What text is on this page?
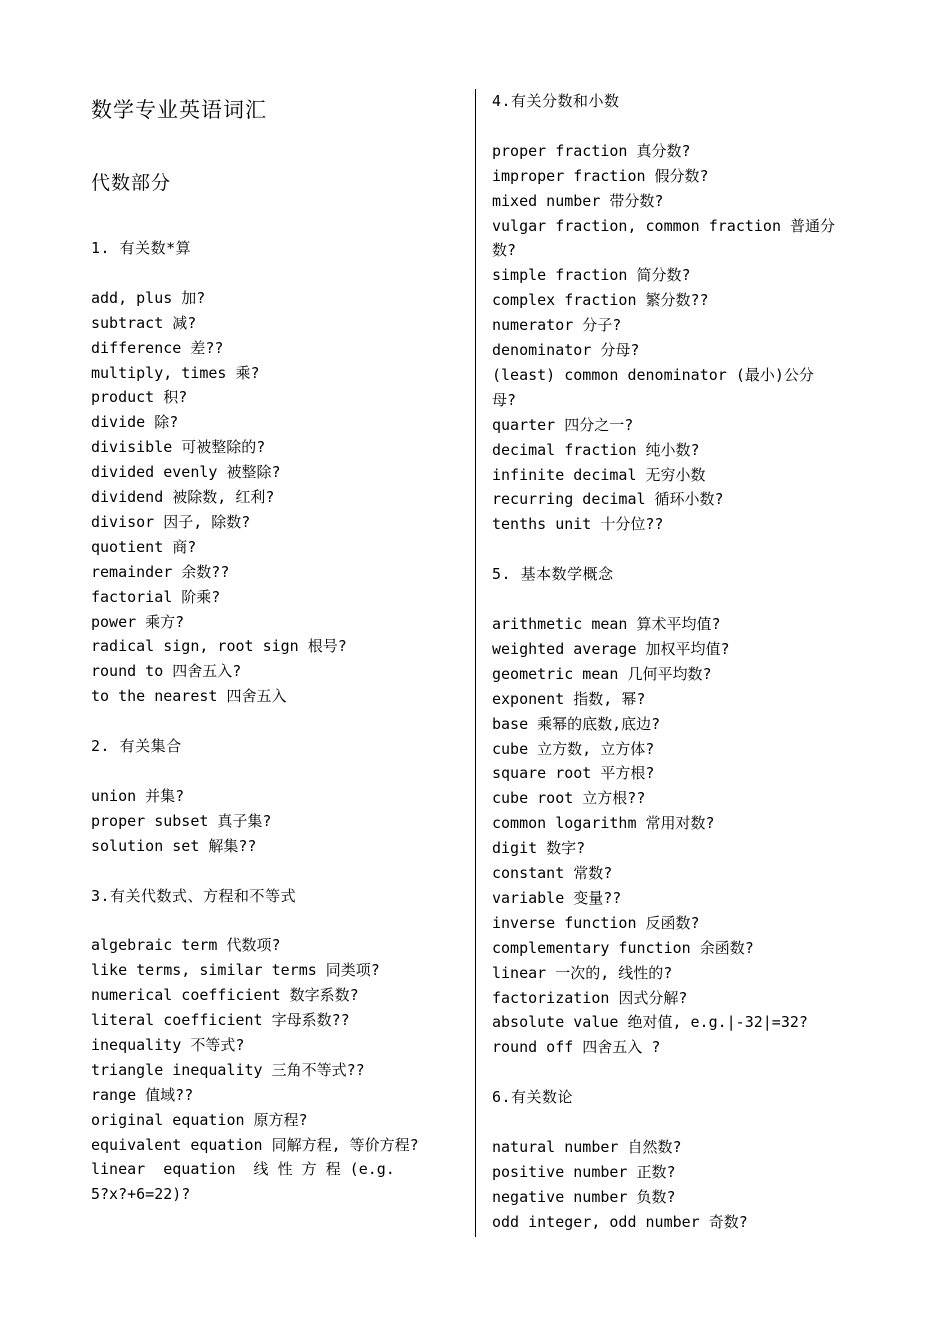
数学专业英语词汇
代数部分
1. 有关数*算
add, plus 加?
subtract 减?
difference 差??
multiply, times 乘?
product 积?
divide 除?
divisible 可被整除的?
divided evenly 被整除?
dividend 被除数, 红利?
divisor 因子, 除数?
quotient 商?
remainder 余数??
factorial 阶乘?
power 乘方?
radical sign, root sign 根号?
round to 四舍五入?
to the nearest 四舍五入
2. 有关集合
union 并集?
proper subset 真子集?
solution set 解集??
3.有关代数式、方程和不等式
algebraic term 代数项?
like terms, similar terms 同类项?
numerical coefficient 数字系数?
literal coefficient 字母系数??
inequality 不等式?
triangle inequality 三角不等式??
range 值域??
original equation 原方程?
equivalent equation 同解方程, 等价方程?
linear  equation  线 性 方 程 (e.g.
5?x?+6=22)?
4.有关分数和小数
proper fraction 真分数?
improper fraction 假分数?
mixed number 带分数?
vulgar fraction, common fraction 普通分
数?
simple fraction 简分数?
complex fraction 繁分数??
numerator 分子?
denominator 分母?
(least) common denominator (最小)公分
母?
quarter 四分之一?
decimal fraction 纯小数?
infinite decimal 无穷小数
recurring decimal 循环小数?
tenths unit 十分位??
5. 基本数学概念
arithmetic mean 算术平均值?
weighted average 加权平均值?
geometric mean 几何平均数?
exponent 指数, 幂?
base 乘幂的底数,底边?
cube 立方数, 立方体?
square root 平方根?
cube root 立方根??
common logarithm 常用对数?
digit 数字?
constant 常数?
variable 变量??
inverse function 反函数?
complementary function 余函数?
linear 一次的, 线性的?
factorization 因式分解?
absolute value 绝对值, e.g.|-32|=32?
round off 四舍五入 ?
6.有关数论
natural number 自然数?
positive number 正数?
negative number 负数?
odd integer, odd number 奇数?
